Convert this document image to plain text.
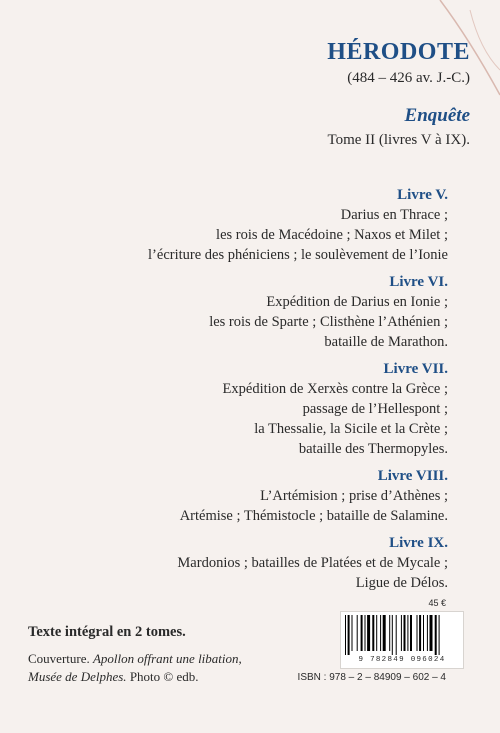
HÉRODOTE
(484 – 426 av. J.-C.)
Enquête
Tome II (livres V à IX).
Livre V.
Darius en Thrace ;
les rois de Macédoine ; Naxos et Milet ;
l’écriture des phéniciens ; le soulèvement de l’Ionie
Livre VI.
Expédition de Darius en Ionie ;
les rois de Sparte ; Clisthène l’Athénien ;
bataille de Marathon.
Livre VII.
Expédition de Xerxès contre la Grèce ;
passage de l’Hellespont ;
la Thessalie, la Sicile et la Crète ;
bataille des Thermopyles.
Livre VIII.
L’Artémision ; prise d’Athènes ;
Artémise ; Thémistocle ; bataille de Salamine.
Livre IX.
Mardonios ; batailles de Platées et de Mycale ;
Ligue de Délos.
Texte intégral en 2 tomes.
Couverture. Apollon offrant une libation,
Musée de Delphes. Photo © edb.
45 €
9 782849 096024
ISBN : 978 – 2 – 84909 – 602 – 4
